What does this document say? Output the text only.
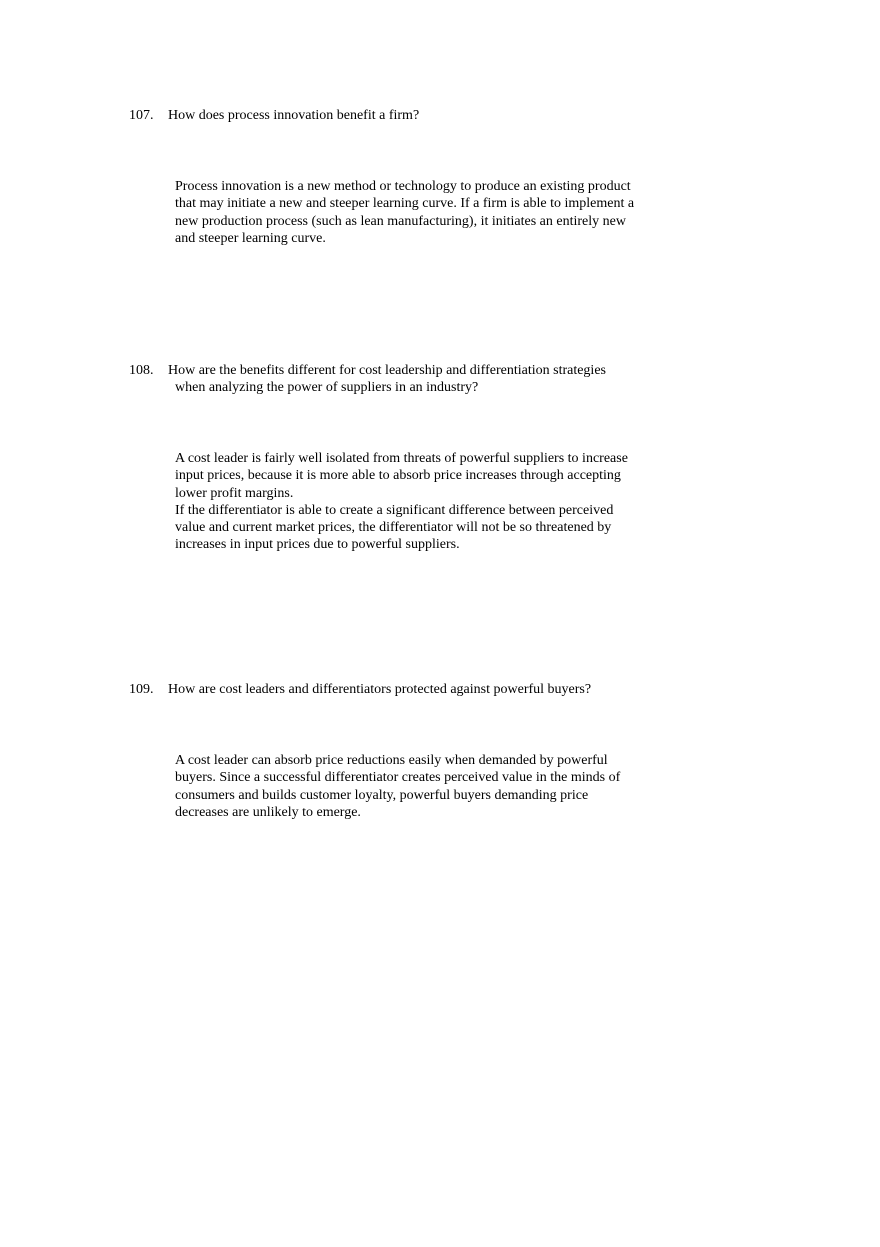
107. How does process innovation benefit a firm?
Process innovation is a new method or technology to produce an existing product
that may initiate a new and steeper learning curve. If a firm is able to implement a
new production process (such as lean manufacturing), it initiates an entirely new
and steeper learning curve.
108. How are the benefits different for cost leadership and differentiation strategies
when analyzing the power of suppliers in an industry?
A cost leader is fairly well isolated from threats of powerful suppliers to increase
input prices, because it is more able to absorb price increases through accepting
lower profit margins.
If the differentiator is able to create a significant difference between perceived
value and current market prices, the differentiator will not be so threatened by
increases in input prices due to powerful suppliers.
109. How are cost leaders and differentiators protected against powerful buyers?
A cost leader can absorb price reductions easily when demanded by powerful
buyers. Since a successful differentiator creates perceived value in the minds of
consumers and builds customer loyalty, powerful buyers demanding price
decreases are unlikely to emerge.
